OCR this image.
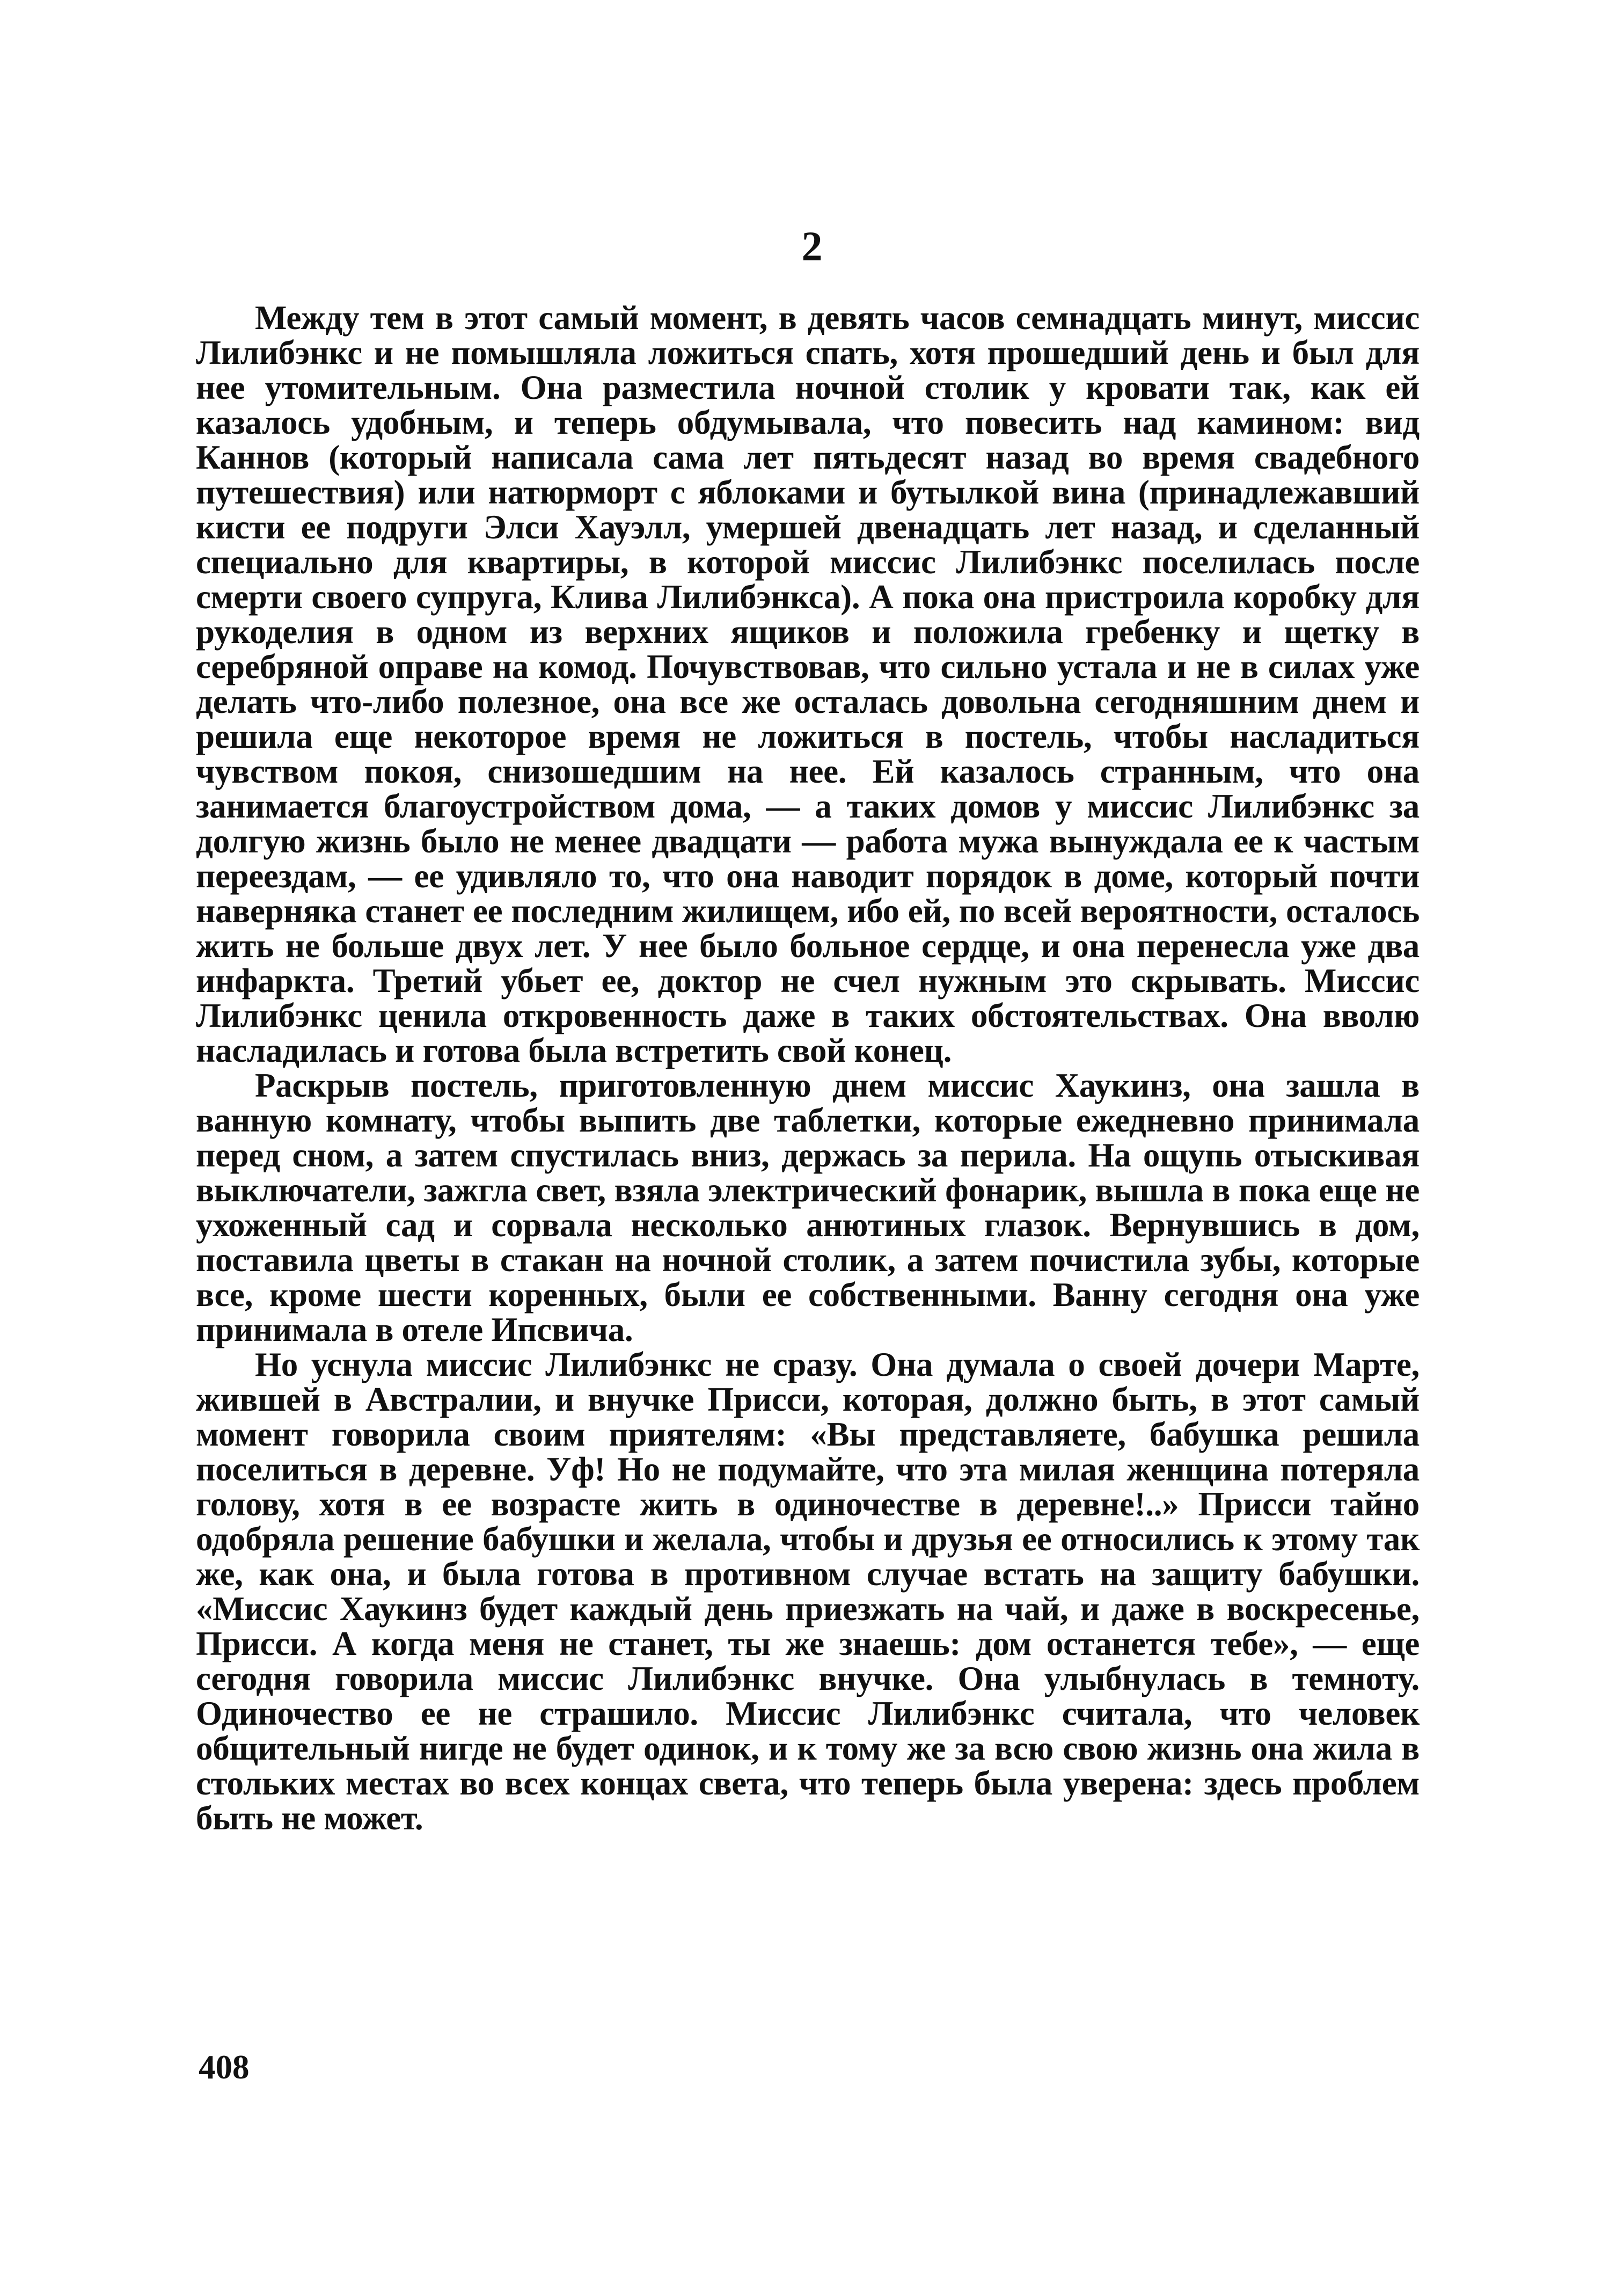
2

Между тем в этот самый момент, в девять часов семнадцать минут, миссис Лилибэнкс и не помышляла ложиться спать, хотя прошедший день и был для нее утомительным. Она разместила ночной столик у кровати так, как ей казалось удобным, и теперь обдумывала, что повесить над камином: вид Каннов (который написала сама лет пятьдесят назад во время свадебного путешествия) или натюрморт с яблоками и бутылкой вина (принадлежавший кисти ее подруги Элси Хауэлл, умершей двенадцать лет назад, и сделанный специально для квартиры, в которой миссис Лилибэнкс поселилась после смерти своего супруга, Клива Лилибэнкса). А пока она пристроила коробку для рукоделия в одном из верхних ящиков и положила гребенку и щетку в серебряной оправе на комод. Почувствовав, что сильно устала и не в силах уже делать что-либо полезное, она все же осталась довольна сегодняшним днем и решила еще некоторое время не ложиться в постель, чтобы насладиться чувством покоя, снизошедшим на нее. Ей казалось странным, что она занимается благоустройством дома, — а таких домов у миссис Лилибэнкс за долгую жизнь было не менее двадцати — работа мужа вынуждала ее к частым переездам, — ее удивляло то, что она наводит порядок в доме, который почти наверняка станет ее последним жилищем, ибо ей, по всей вероятности, осталось жить не больше двух лет. У нее было больное сердце, и она перенесла уже два инфаркта. Третий убьет ее, доктор не счел нужным это скрывать. Миссис Лилибэнкс ценила откровенность даже в таких обстоятельствах. Она вволю насладилась и готова была встретить свой конец.

Раскрыв постель, приготовленную днем миссис Хаукинз, она зашла в ванную комнату, чтобы выпить две таблетки, которые ежедневно принимала перед сном, а затем спустилась вниз, держась за перила. На ощупь отыскивая выключатели, зажгла свет, взяла электрический фонарик, вышла в пока еще не ухоженный сад и сорвала несколько анютиных глазок. Вернувшись в дом, поставила цветы в стакан на ночной столик, а затем почистила зубы, которые все, кроме шести коренных, были ее собственными. Ванну сегодня она уже принимала в отеле Ипсвича.

Но уснула миссис Лилибэнкс не сразу. Она думала о своей дочери Марте, жившей в Австралии, и внучке Присси, которая, должно быть, в этот самый момент говорила своим приятелям: «Вы представляете, бабушка решила поселиться в деревне. Уф! Но не подумайте, что эта милая женщина потеряла голову, хотя в ее возрасте жить в одиночестве в деревне!..» Присси тайно одобряла решение бабушки и желала, чтобы и друзья ее относились к этому так же, как она, и была готова в противном случае встать на защиту бабушки. «Миссис Хаукинз будет каждый день приезжать на чай, и даже в воскресенье, Присси. А когда меня не станет, ты же знаешь: дом останется тебе», — еще сегодня говорила миссис Лилибэнкс внучке. Она улыбнулась в темноту. Одиночество ее не страшило. Миссис Лилибэнкс считала, что человек общительный нигде не будет одинок, и к тому же за всю свою жизнь она жила в стольких местах во всех концах света, что теперь была уверена: здесь проблем быть не может.

408
